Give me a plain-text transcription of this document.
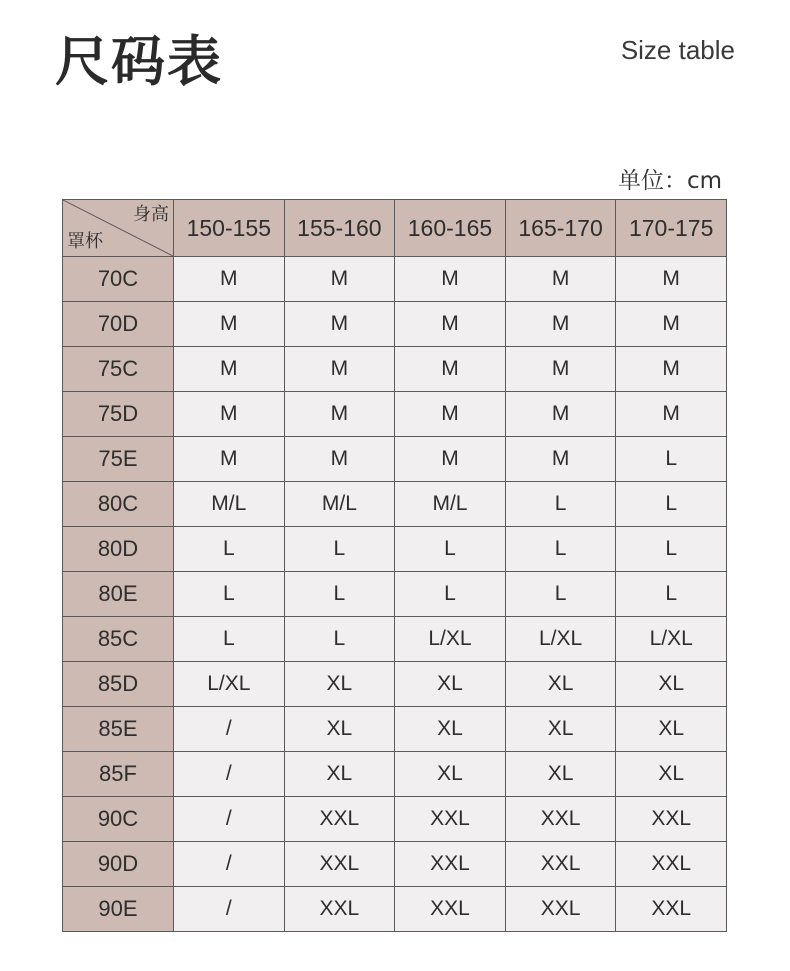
尺码表	Size table

单位：cm

身高
罩杯	150-155	155-160	160-165	165-170	170-175
70C	M	M	M	M	M
70D	M	M	M	M	M
75C	M	M	M	M	M
75D	M	M	M	M	M
75E	M	M	M	M	L
80C	M/L	M/L	M/L	L	L
80D	L	L	L	L	L
80E	L	L	L	L	L
85C	L	L	L/XL	L/XL	L/XL
85D	L/XL	XL	XL	XL	XL
85E	/	XL	XL	XL	XL
85F	/	XL	XL	XL	XL
90C	/	XXL	XXL	XXL	XXL
90D	/	XXL	XXL	XXL	XXL
90E	/	XXL	XXL	XXL	XXL
